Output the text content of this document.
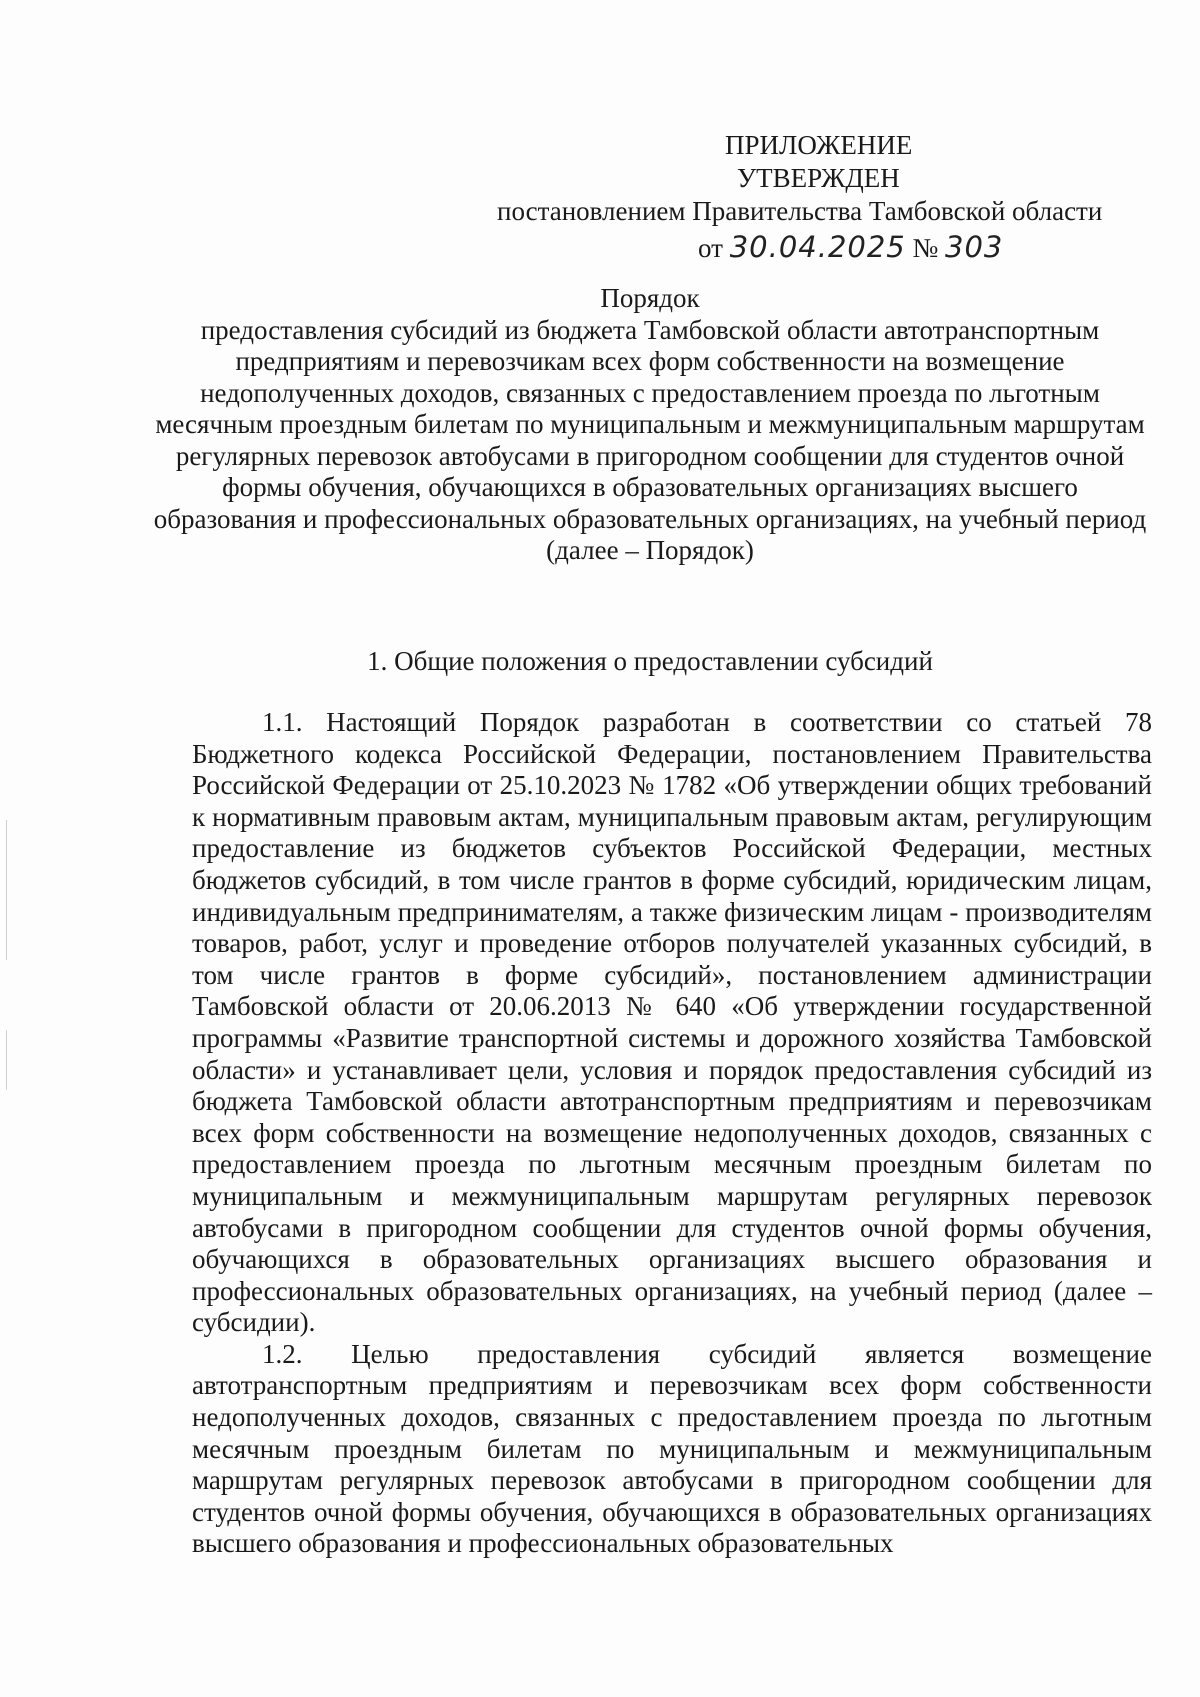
ПРИЛОЖЕНИЕ
УТВЕРЖДЕН
постановлением Правительства Тамбовской области
от 30.04.2025 № 303
Порядок
предоставления субсидий из бюджета Тамбовской области автотранспортным предприятиям и перевозчикам всех форм собственности на возмещение недополученных доходов, связанных с предоставлением проезда по льготным месячным проездным билетам по муниципальным и межмуниципальным маршрутам регулярных перевозок автобусами в пригородном сообщении для студентов очной формы обучения, обучающихся в образовательных организациях высшего образования и профессиональных образовательных организациях, на учебный период
(далее – Порядок)
1. Общие положения о предоставлении субсидий

1.1. Настоящий Порядок разработан в соответствии со статьей 78 Бюджетного кодекса Российской Федерации, постановлением Правительства Российской Федерации от 25.10.2023 № 1782 «Об утверждении общих требований к нормативным правовым актам, муниципальным правовым актам, регулирующим предоставление из бюджетов субъектов Российской Федерации, местных бюджетов субсидий, в том числе грантов в форме субсидий, юридическим лицам, индивидуальным предпринимателям, а также физическим лицам - производителям товаров, работ, услуг и проведение отборов получателей указанных субсидий, в том числе грантов в форме субсидий», постановлением администрации Тамбовской области от 20.06.2013 № 640 «Об утверждении государственной программы «Развитие транспортной системы и дорожного хозяйства Тамбовской области» и устанавливает цели, условия и порядок предоставления субсидий из бюджета Тамбовской области автотранспортным предприятиям и перевозчикам всех форм собственности на возмещение недополученных доходов, связанных с предоставлением проезда по льготным месячным проездным билетам по муниципальным и межмуниципальным маршрутам регулярных перевозок автобусами в пригородном сообщении для студентов очной формы обучения, обучающихся в образовательных организациях высшего образования и профессиональных образовательных организациях, на учебный период (далее – субсидии).

1.2. Целью предоставления субсидий является возмещение автотранспортным предприятиям и перевозчикам всех форм собственности недополученных доходов, связанных с предоставлением проезда по льготным месячным проездным билетам по муниципальным и межмуниципальным маршрутам регулярных перевозок автобусами в пригородном сообщении для студентов очной формы обучения, обучающихся в образовательных организациях высшего образования и профессиональных образовательных
